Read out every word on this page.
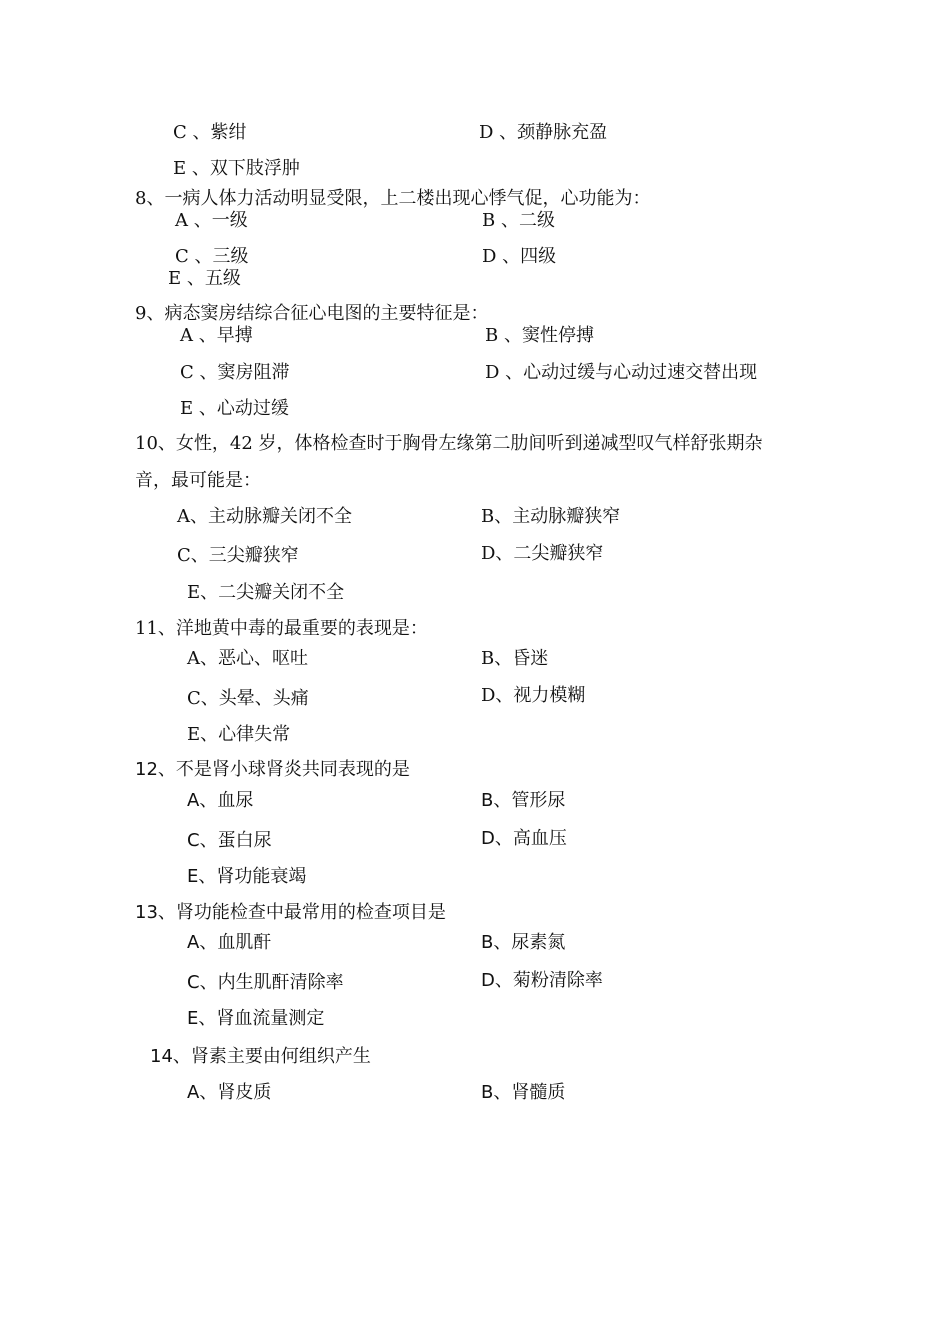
C 、紫绀	D 、颈静脉充盈
E 、双下肢浮肿
8、一病人体力活动明显受限，上二楼出现心悸气促，心功能为：
A 、一级	B 、二级
C 、三级	D 、四级
E 、五级
9、病态窦房结综合征心电图的主要特征是：
A 、早搏	B 、窦性停搏
C 、窦房阻滞	D 、心动过缓与心动过速交替出现
E 、心动过缓
10、女性，42 岁，体格检查时于胸骨左缘第二肋间听到递减型叹气样舒张期杂
音，最可能是：
A、主动脉瓣关闭不全	B、主动脉瓣狭窄
C、三尖瓣狭窄	D、二尖瓣狭窄
E、二尖瓣关闭不全
11、洋地黄中毒的最重要的表现是：
A、恶心、呕吐	B、昏迷
C、头晕、头痛	D、视力模糊
E、心律失常
12、不是肾小球肾炎共同表现的是
A、血尿	B、管形尿
C、蛋白尿	D、高血压
E、肾功能衰竭
13、肾功能检查中最常用的检查项目是
A、血肌酐	B、尿素氮
C、内生肌酐清除率	D、菊粉清除率
E、肾血流量测定
14、肾素主要由何组织产生
A、肾皮质	B、肾髓质
